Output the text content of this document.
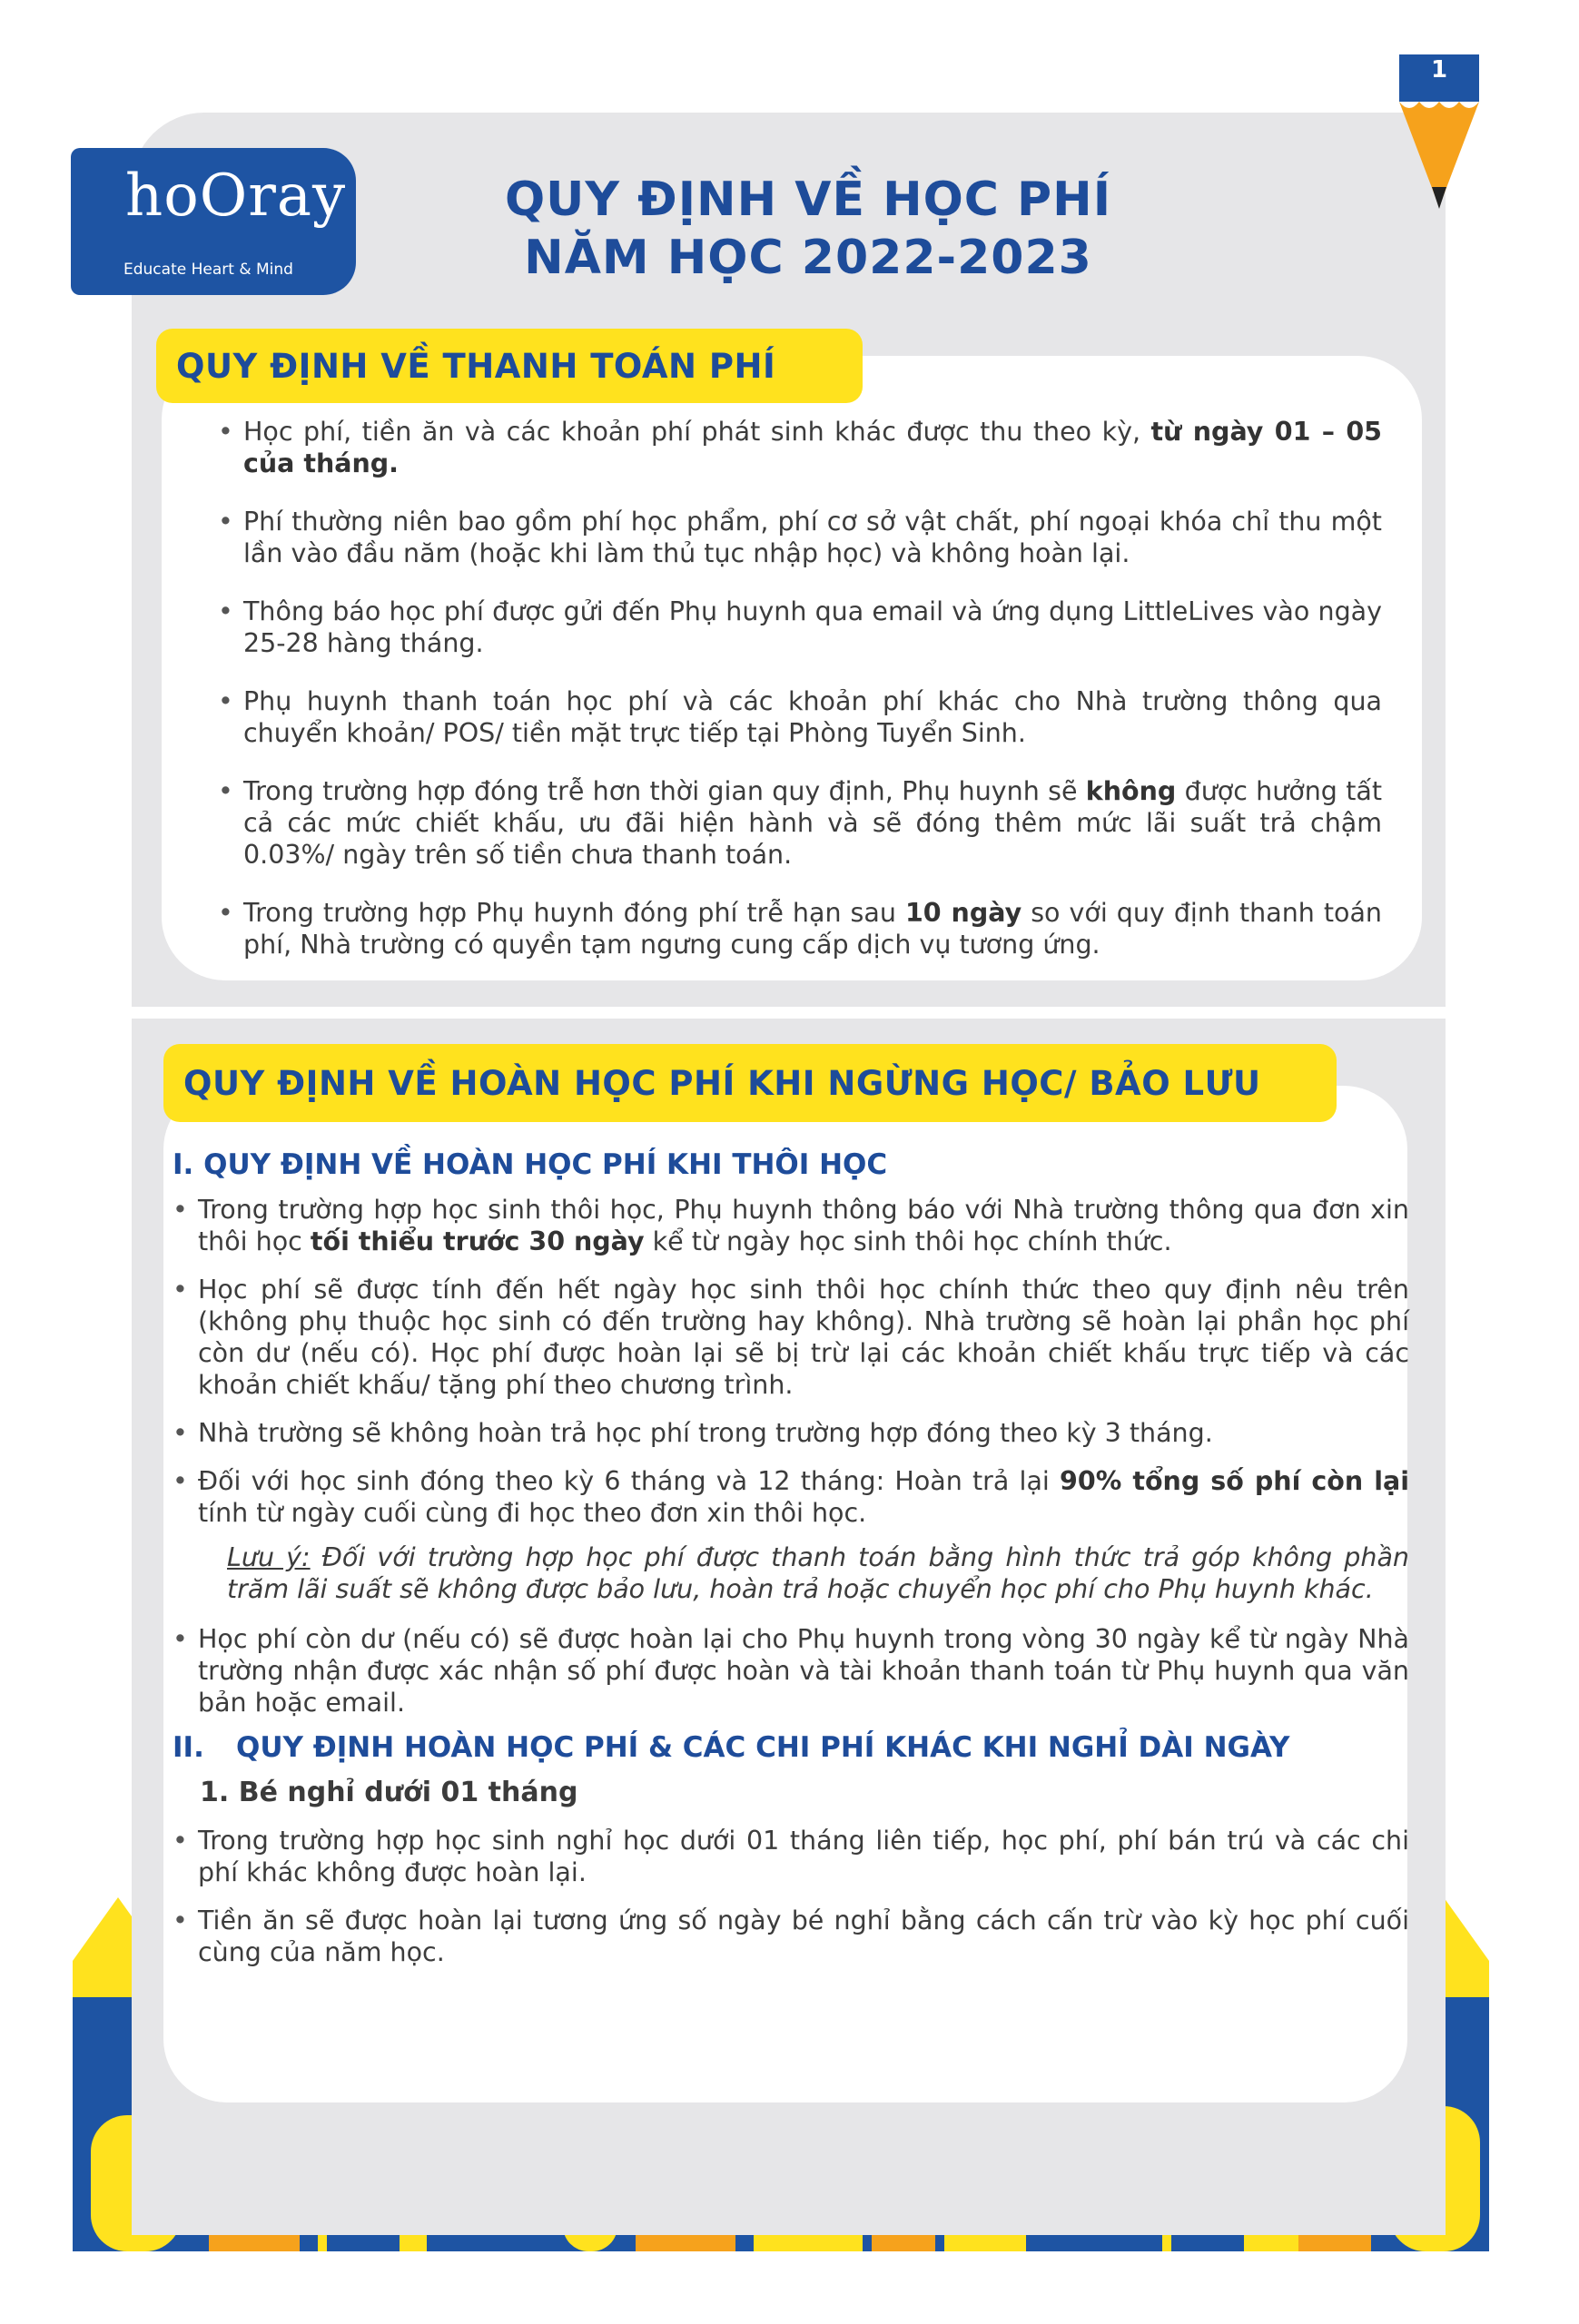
1
hoOray
Educate Heart & Mind
QUY ĐỊNH VỀ HỌC PHÍ
NĂM HỌC 2022-2023
QUY ĐỊNH VỀ THANH TOÁN PHÍ
• Học phí, tiền ăn và các khoản phí phát sinh khác được thu theo kỳ, từ ngày 01 – 05 của tháng.
• Phí thường niên bao gồm phí học phẩm, phí cơ sở vật chất, phí ngoại khóa chỉ thu một lần vào đầu năm (hoặc khi làm thủ tục nhập học) và không hoàn lại.
• Thông báo học phí được gửi đến Phụ huynh qua email và ứng dụng LittleLives vào ngày 25-28 hàng tháng.
• Phụ huynh thanh toán học phí và các khoản phí khác cho Nhà trường thông qua chuyển khoản/ POS/ tiền mặt trực tiếp tại Phòng Tuyển Sinh.
• Trong trường hợp đóng trễ hơn thời gian quy định, Phụ huynh sẽ không được hưởng tất cả các mức chiết khấu, ưu đãi hiện hành và sẽ đóng thêm mức lãi suất trả chậm 0.03%/ ngày trên số tiền chưa thanh toán.
• Trong trường hợp Phụ huynh đóng phí trễ hạn sau 10 ngày so với quy định thanh toán phí, Nhà trường có quyền tạm ngưng cung cấp dịch vụ tương ứng.
QUY ĐỊNH VỀ HOÀN HỌC PHÍ KHI NGỪNG HỌC/ BẢO LƯU
I. QUY ĐỊNH VỀ HOÀN HỌC PHÍ KHI THÔI HỌC
• Trong trường hợp học sinh thôi học, Phụ huynh thông báo với Nhà trường thông qua đơn xin thôi học tối thiểu trước 30 ngày kể từ ngày học sinh thôi học chính thức.
• Học phí sẽ được tính đến hết ngày học sinh thôi học chính thức theo quy định nêu trên (không phụ thuộc học sinh có đến trường hay không). Nhà trường sẽ hoàn lại phần học phí còn dư (nếu có). Học phí được hoàn lại sẽ bị trừ lại các khoản chiết khấu trực tiếp và các khoản chiết khấu/ tặng phí theo chương trình.
• Nhà trường sẽ không hoàn trả học phí trong trường hợp đóng theo kỳ 3 tháng.
• Đối với học sinh đóng theo kỳ 6 tháng và 12 tháng: Hoàn trả lại 90% tổng số phí còn lại tính từ ngày cuối cùng đi học theo đơn xin thôi học.
Lưu ý: Đối với trường hợp học phí được thanh toán bằng hình thức trả góp không phần trăm lãi suất sẽ không được bảo lưu, hoàn trả hoặc chuyển học phí cho Phụ huynh khác.
• Học phí còn dư (nếu có) sẽ được hoàn lại cho Phụ huynh trong vòng 30 ngày kể từ ngày Nhà trường nhận được xác nhận số phí được hoàn và tài khoản thanh toán từ Phụ huynh qua văn bản hoặc email.
II. QUY ĐỊNH HOÀN HỌC PHÍ & CÁC CHI PHÍ KHÁC KHI NGHỈ DÀI NGÀY
1. Bé nghỉ dưới 01 tháng
• Trong trường hợp học sinh nghỉ học dưới 01 tháng liên tiếp, học phí, phí bán trú và các chi phí khác không được hoàn lại.
• Tiền ăn sẽ được hoàn lại tương ứng số ngày bé nghỉ bằng cách cấn trừ vào kỳ học phí cuối cùng của năm học.
